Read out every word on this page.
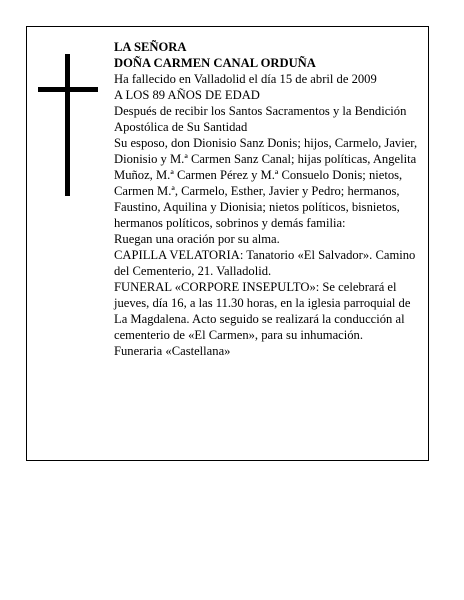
LA SEÑORA

DOÑA CARMEN CANAL ORDUÑA

Ha fallecido en Valladolid el día 15 de abril de 2009

A LOS 89 AÑOS DE EDAD

Después de recibir los Santos Sacramentos y la Bendición Apostólica de Su Santidad

Su esposo, don Dionisio Sanz Donis; hijos, Carmelo, Javier, Dionisio y M.ª Carmen Sanz Canal; hijas políticas, Angelita Muñoz, M.ª Carmen Pérez y M.ª Consuelo Donis; nietos, Carmen M.ª, Carmelo, Esther, Javier y Pedro; hermanos, Faustino, Aquilina y Dionisia; nietos políticos, bisnietos, hermanos políticos, sobrinos y demás familia:

Ruegan una oración por su alma.

CAPILLA VELATORIA: Tanatorio «El Salvador». Camino del Cementerio, 21. Valladolid.

FUNERAL «CORPORE INSEPULTO»: Se celebrará el jueves, día 16, a las 11.30 horas, en la iglesia parroquial de La Magdalena. Acto seguido se realizará la conducción al cementerio de «El Carmen», para su inhumación.

Funeraria «Castellana»
